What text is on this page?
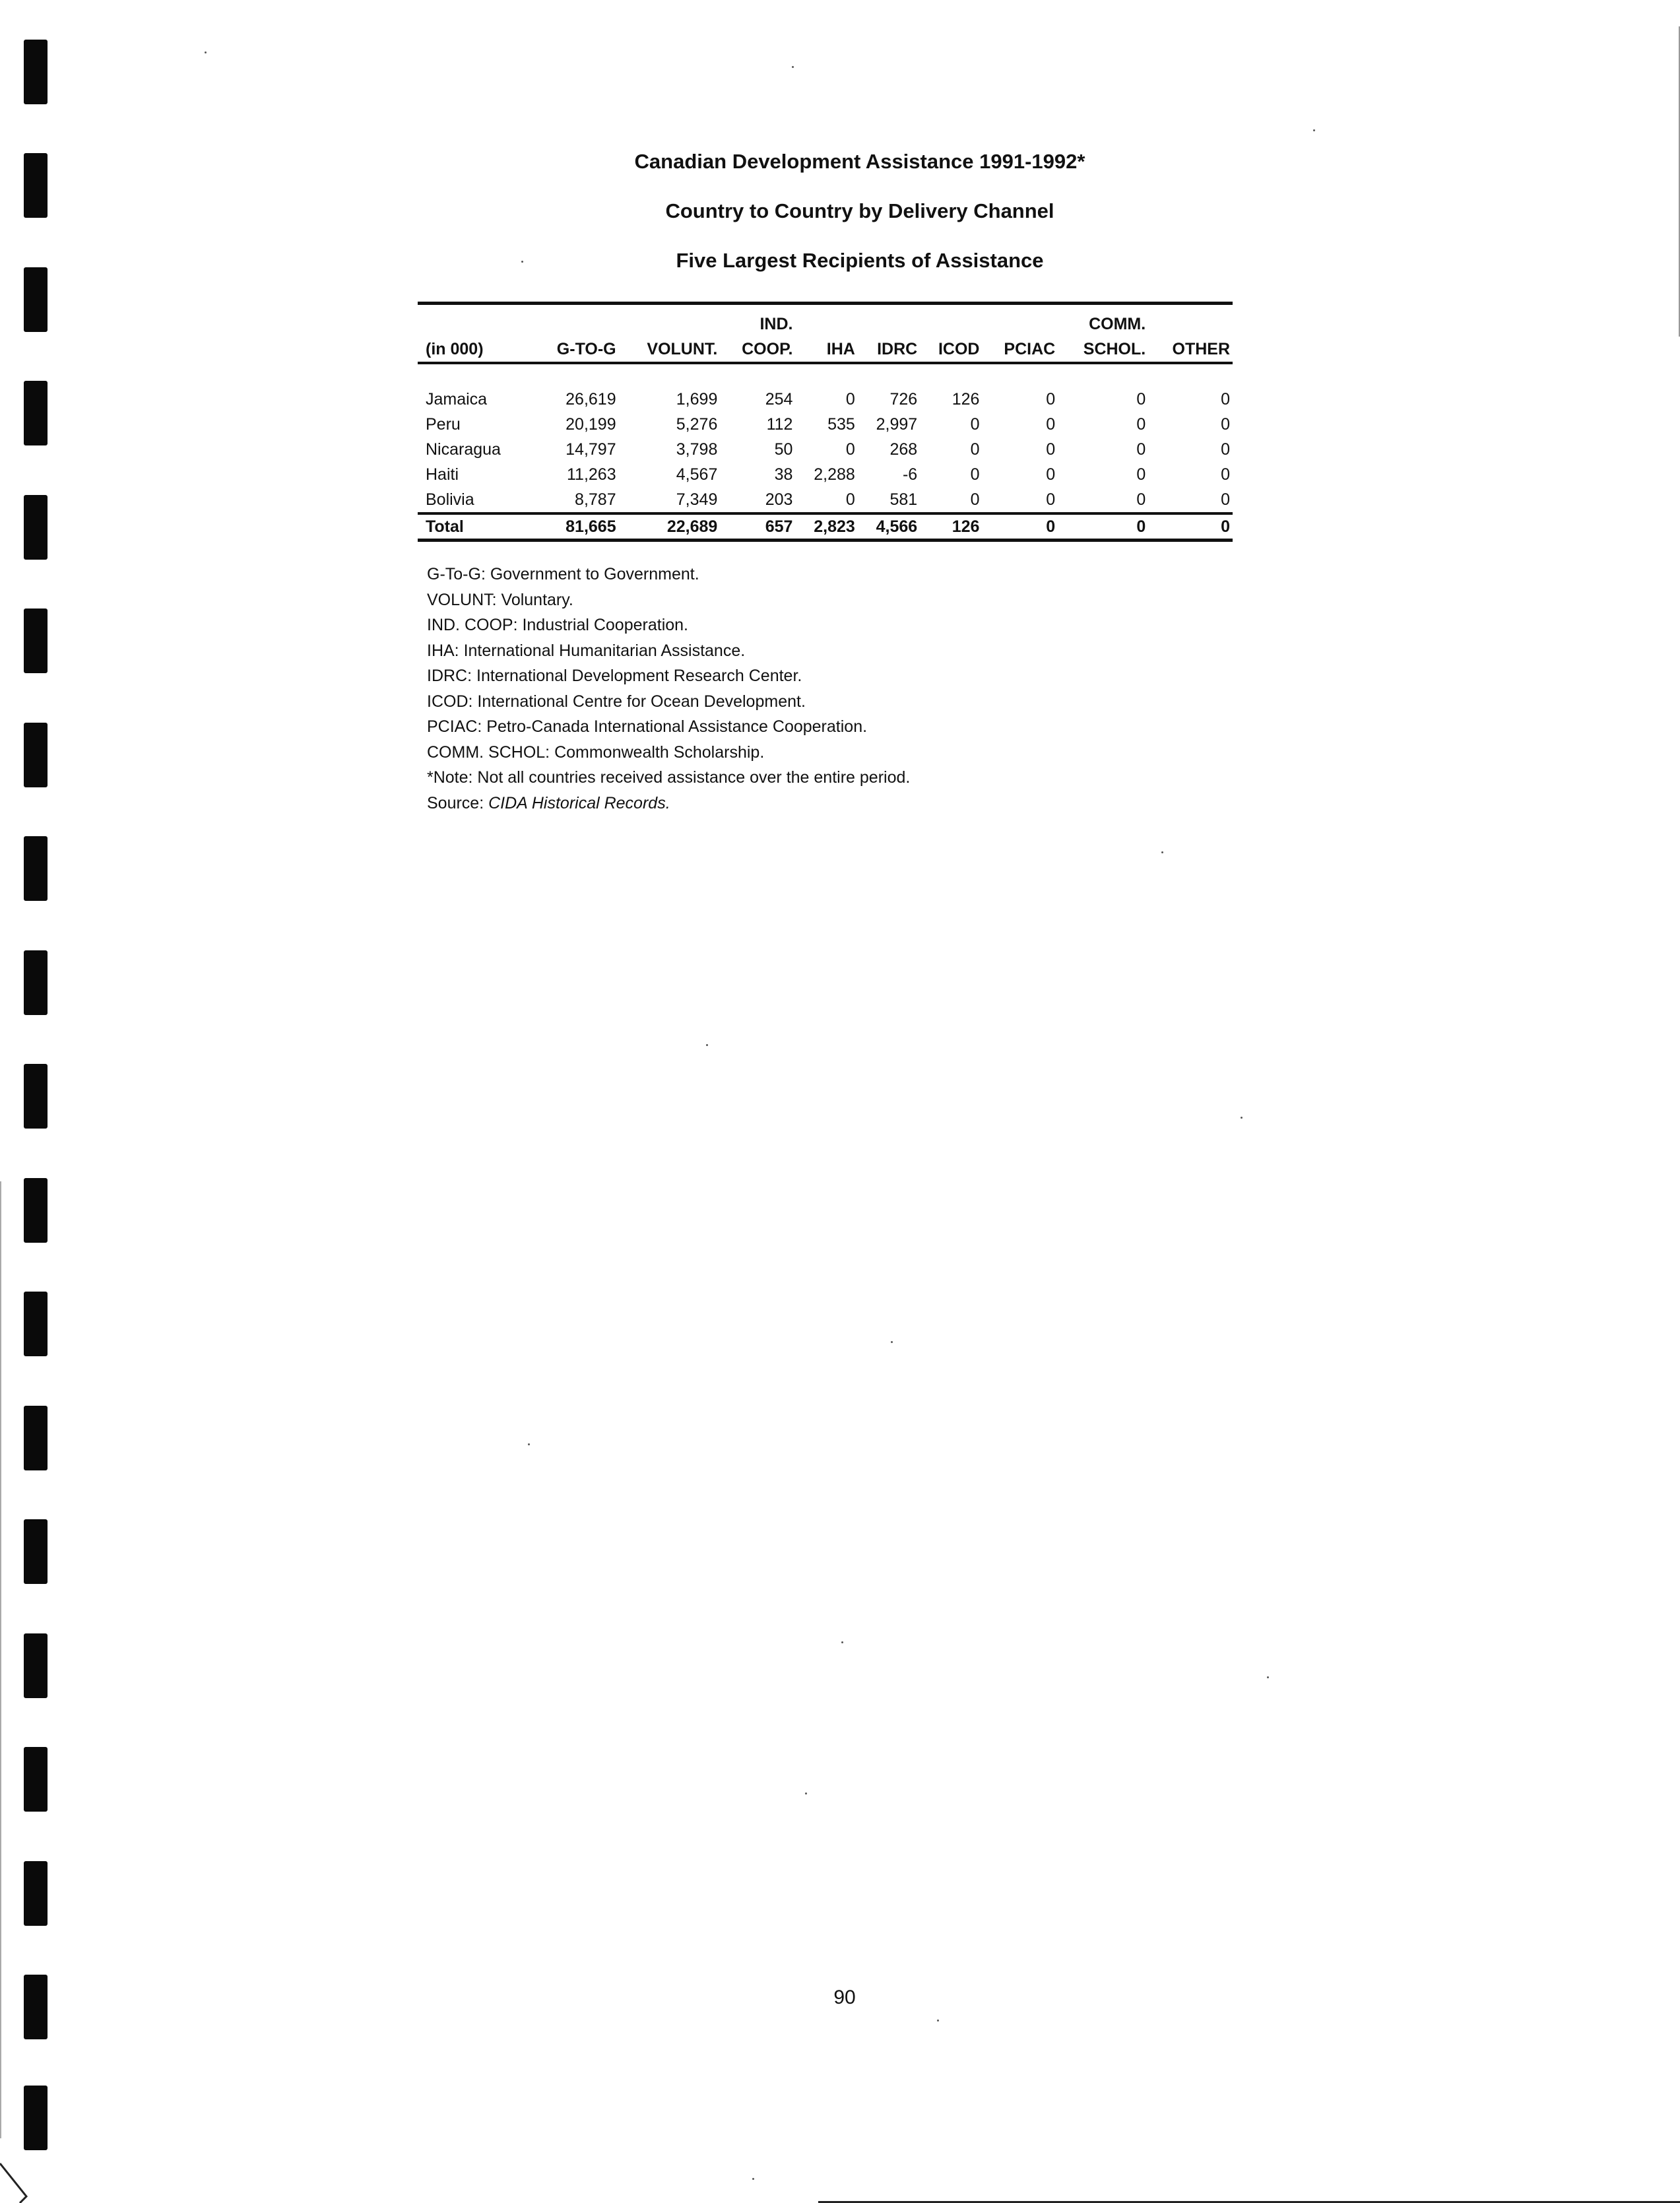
Canadian Development Assistance 1991-1992*
Country to Country by Delivery Channel
Five Largest Recipients of Assistance
			IND.					COMM.	
(in 000)	G-TO-G	VOLUNT.	COOP.	IHA	IDRC	ICOD	PCIAC	SCHOL.	OTHER

Jamaica	26,619	1,699	254	0	726	126	0	0	0
Peru	20,199	5,276	112	535	2,997	0	0	0	0
Nicaragua	14,797	3,798	50	0	268	0	0	0	0
Haiti	11,263	4,567	38	2,288	-6	0	0	0	0
Bolivia	8,787	7,349	203	0	581	0	0	0	0
Total	81,665	22,689	657	2,823	4,566	126	0	0	0
G-To-G: Government to Government.
VOLUNT: Voluntary.
IND. COOP: Industrial Cooperation.
IHA: International Humanitarian Assistance.
IDRC: International Development Research Center.
ICOD: International Centre for Ocean Development.
PCIAC: Petro-Canada International Assistance Cooperation.
COMM. SCHOL: Commonwealth Scholarship.
*Note: Not all countries received assistance over the entire period.
Source: CIDA Historical Records.
90
